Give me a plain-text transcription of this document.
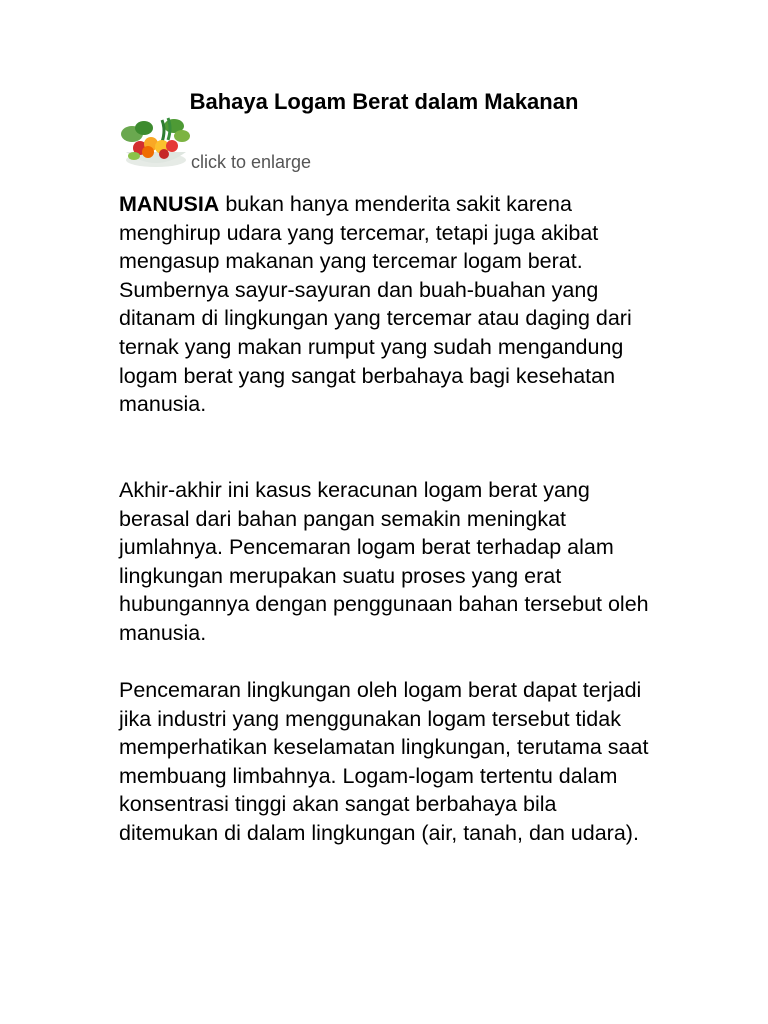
Bahaya Logam Berat dalam Makanan
click to enlarge

MANUSIA bukan hanya menderita sakit karena menghirup udara yang tercemar, tetapi juga akibat mengasup makanan yang tercemar logam berat. Sumbernya sayur-sayuran dan buah-buahan yang ditanam di lingkungan yang tercemar atau daging dari ternak yang makan rumput yang sudah mengandung logam berat yang sangat berbahaya bagi kesehatan manusia.

Akhir-akhir ini kasus keracunan logam berat yang berasal dari bahan pangan semakin meningkat jumlahnya. Pencemaran logam berat terhadap alam lingkungan merupakan suatu proses yang erat hubungannya dengan penggunaan bahan tersebut oleh manusia.

Pencemaran lingkungan oleh logam berat dapat terjadi jika industri yang menggunakan logam tersebut tidak memperhatikan keselamatan lingkungan, terutama saat membuang limbahnya. Logam-logam tertentu dalam konsentrasi tinggi akan sangat berbahaya bila ditemukan di dalam lingkungan (air, tanah, dan udara).
